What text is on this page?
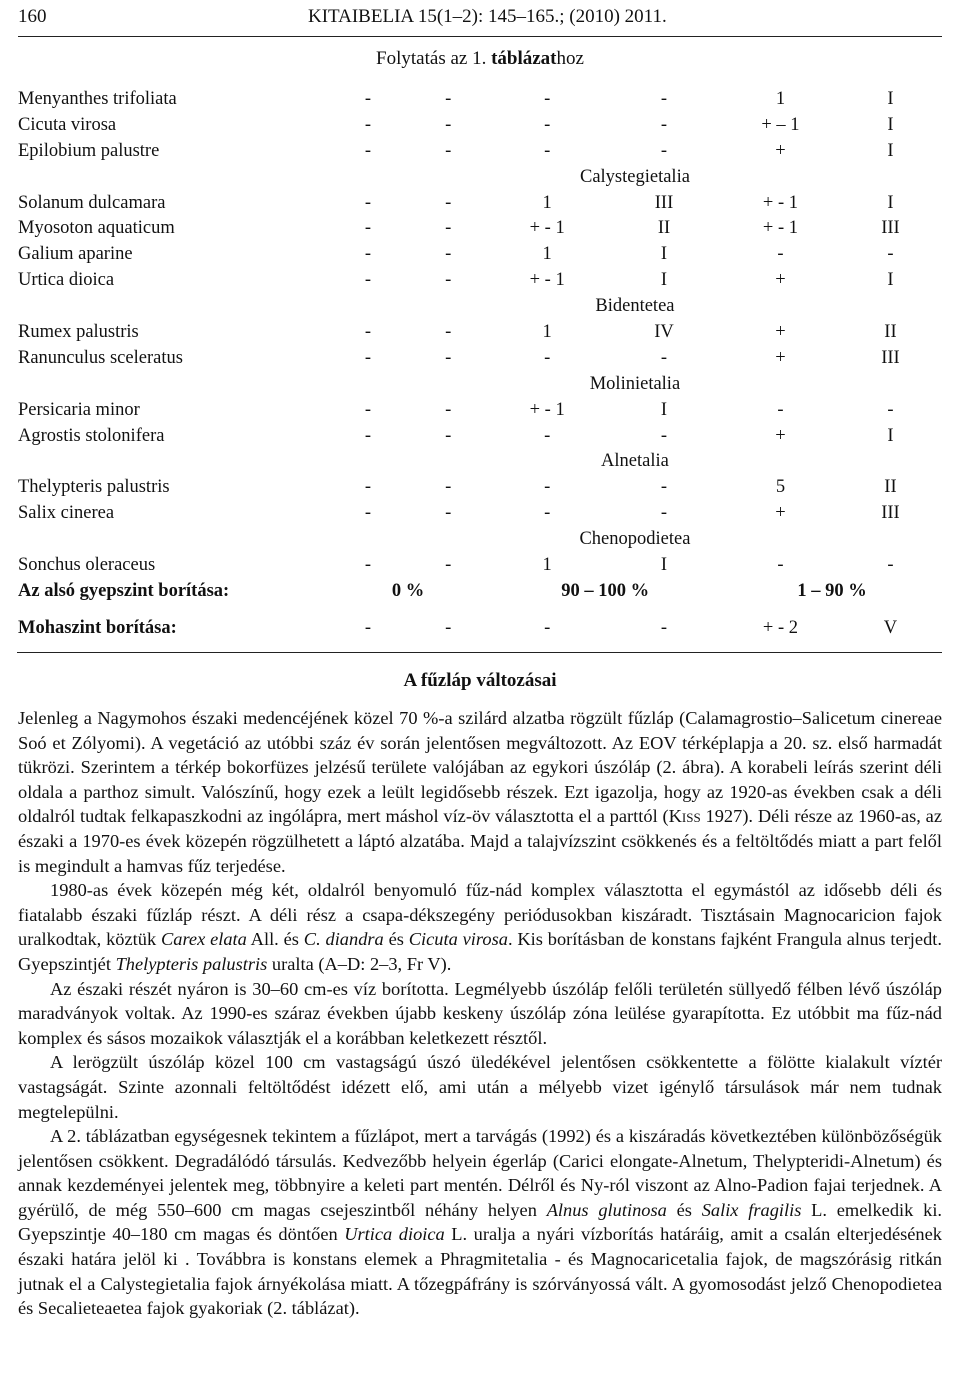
160	KITAIBELIA 15(1–2): 145–165.; (2010) 2011.
Folytatás az 1. táblázathoz
Menyanthes trifoliata	-	-	-	-	1	I
Cicuta virosa	-	-	-	-	+ – 1	I
Epilobium palustre	-	-	-	-	+	I
	Calystegietalia					
Solanum dulcamara	-	-	1	III	+ - 1	I
Myosoton aquaticum	-	-	+ - 1	II	+ - 1	III
Galium aparine	-	-	1	I	-	-
Urtica dioica	-	-	+ - 1	I	+	I
	Bidentetea					
Rumex palustris	-	-	1	IV	+	II
Ranunculus sceleratus	-	-	-	-	+	III
	Molinietalia					
Persicaria minor	-	-	+ - 1	I	-	-
Agrostis stolonifera	-	-	-	-	+	I
	Alnetalia					
Thelypteris palustris	-	-	-	-	5	II
Salix cinerea	-	-	-	-	+	III
	Chenopodietea					
Sonchus oleraceus	-	-	1	I	-	-
Az alsó gyepszint borítása:	0 %		90 – 100 %		1 – 90 %	
Mohaszint borítása:	-	-	-	-	+ - 2	V
A fűzláp változásai

Jelenleg a Nagymohos északi medencéjének közel 70 %-a szilárd alzatba rögzült fűzláp (Calamagrostio–Salicetum cinereae Soó et Zólyomi). A vegetáció az utóbbi száz év során jelentősen megváltozott. Az EOV térképlapja a 20. sz. első harmadát tükrözi. Szerintem a térkép bokorfüzes jelzésű területe valójában az egykori úszóláp (2. ábra). A korabeli leírás szerint déli oldala a parthoz simult. Valószínű, hogy ezek a leült legidősebb részek. Ezt igazolja, hogy az 1920-as években csak a déli oldalról tudtak felkapaszkodni az ingólápra, mert máshol víz-öv választotta el a parttól (Kiss 1927). Déli része az 1960-as, az északi a 1970-es évek közepén rögzülhetett a láptó alzatába. Majd a talajvízszint csökkenés és a feltöltődés miatt a part felől is megindult a hamvas fűz terjedése.

1980-as évek közepén még két, oldalról benyomuló fűz-nád komplex választotta el egymástól az idősebb déli és fiatalabb északi fűzláp részt. A déli rész a csapa-dékszegény periódusokban kiszáradt. Tisztásain Magnocaricion fajok uralkodtak, köztük Carex elata All. és C. diandra és Cicuta virosa. Kis borításban de konstans fajként Frangula alnus terjedt. Gyepszintjét Thelypteris palustris uralta (A–D: 2–3, Fr V).

Az északi részét nyáron is 30–60 cm-es víz borította. Legmélyebb úszóláp felőli területén süllyedő félben lévő úszóláp maradványok voltak. Az 1990-es száraz években újabb keskeny úszóláp zóna leülése gyarapította. Ez utóbbit ma fűz-nád komplex és sásos mozaikok választják el a korábban keletkezett résztől.

A lerögzült úszóláp közel 100 cm vastagságú úszó üledékével jelentősen csökkentette a fölötte kialakult víztér vastagságát. Szinte azonnali feltöltődést idézett elő, ami után a mélyebb vizet igénylő társulások már nem tudnak megtelepülni.

A 2. táblázatban egységesnek tekintem a fűzlápot, mert a tarvágás (1992) és a kiszáradás következtében különbözőségük jelentősen csökkent. Degradálódó társulás. Kedvezőbb helyein égerláp (Carici elongate-Alnetum, Thelypteridi-Alnetum) és annak kezdeményei jelentek meg, többnyire a keleti part mentén. Délről és Ny-ról viszont az Alno-Padion fajai terjednek. A gyérülő, de még 550–600 cm magas csejeszintből néhány helyen Alnus glutinosa és Salix fragilis L. emelkedik ki. Gyepszintje 40–180 cm magas és döntően Urtica dioica L. uralja a nyári vízborítás határáig, amit a csalán elterjedésének északi határa jelöl ki . Továbbra is konstans elemek a Phragmitetalia - és Magnocaricetalia fajok, de magszórásig ritkán jutnak el a Calystegietalia fajok árnyékolása miatt. A tőzegpáfrány is szórványossá vált. A gyomosodást jelző Chenopodietea és Secalieteaetea fajok gyakoriak (2. táblázat).
